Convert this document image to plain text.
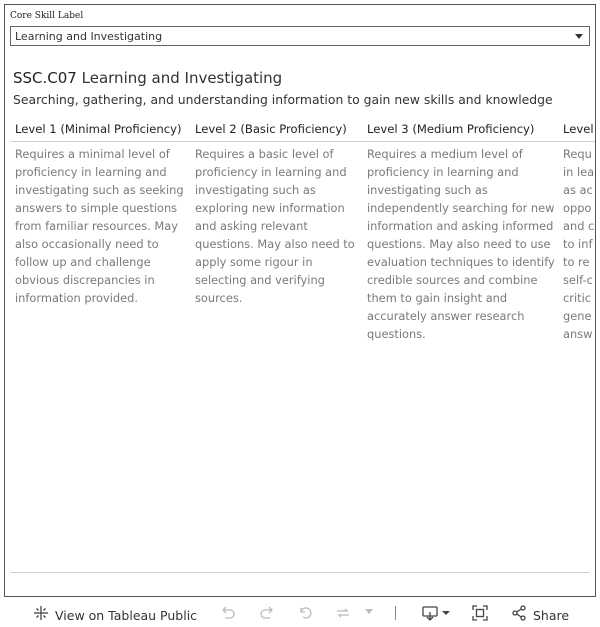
Core Skill Label
Learning and Investigating
SSC.C07 Learning and Investigating
Searching, gathering, and understanding information to gain new skills and knowledge
Level 1 (Minimal Proficiency) Level 2 (Basic Proficiency) Level 3 (Medium Proficiency) Level
Requires a minimal level of
proficiency in learning and
investigating such as seeking
answers to simple questions
from familiar resources. May
also occasionally need to
follow up and challenge
obvious discrepancies in
information provided.
Requires a basic level of
proficiency in learning and
investigating such as
exploring new information
and asking relevant
questions. May also need to
apply some rigour in
selecting and verifying
sources.
Requires a medium level of
proficiency in learning and
investigating such as
independently searching for new
information and asking informed
questions. May also need to use
evaluation techniques to identify
credible sources and combine
them to gain insight and
accurately answer research
questions.
Requ
in lea
as ac
oppo
and c
to inf
to re
self-c
critic
gene
answ
View on Tableau Public	Share
